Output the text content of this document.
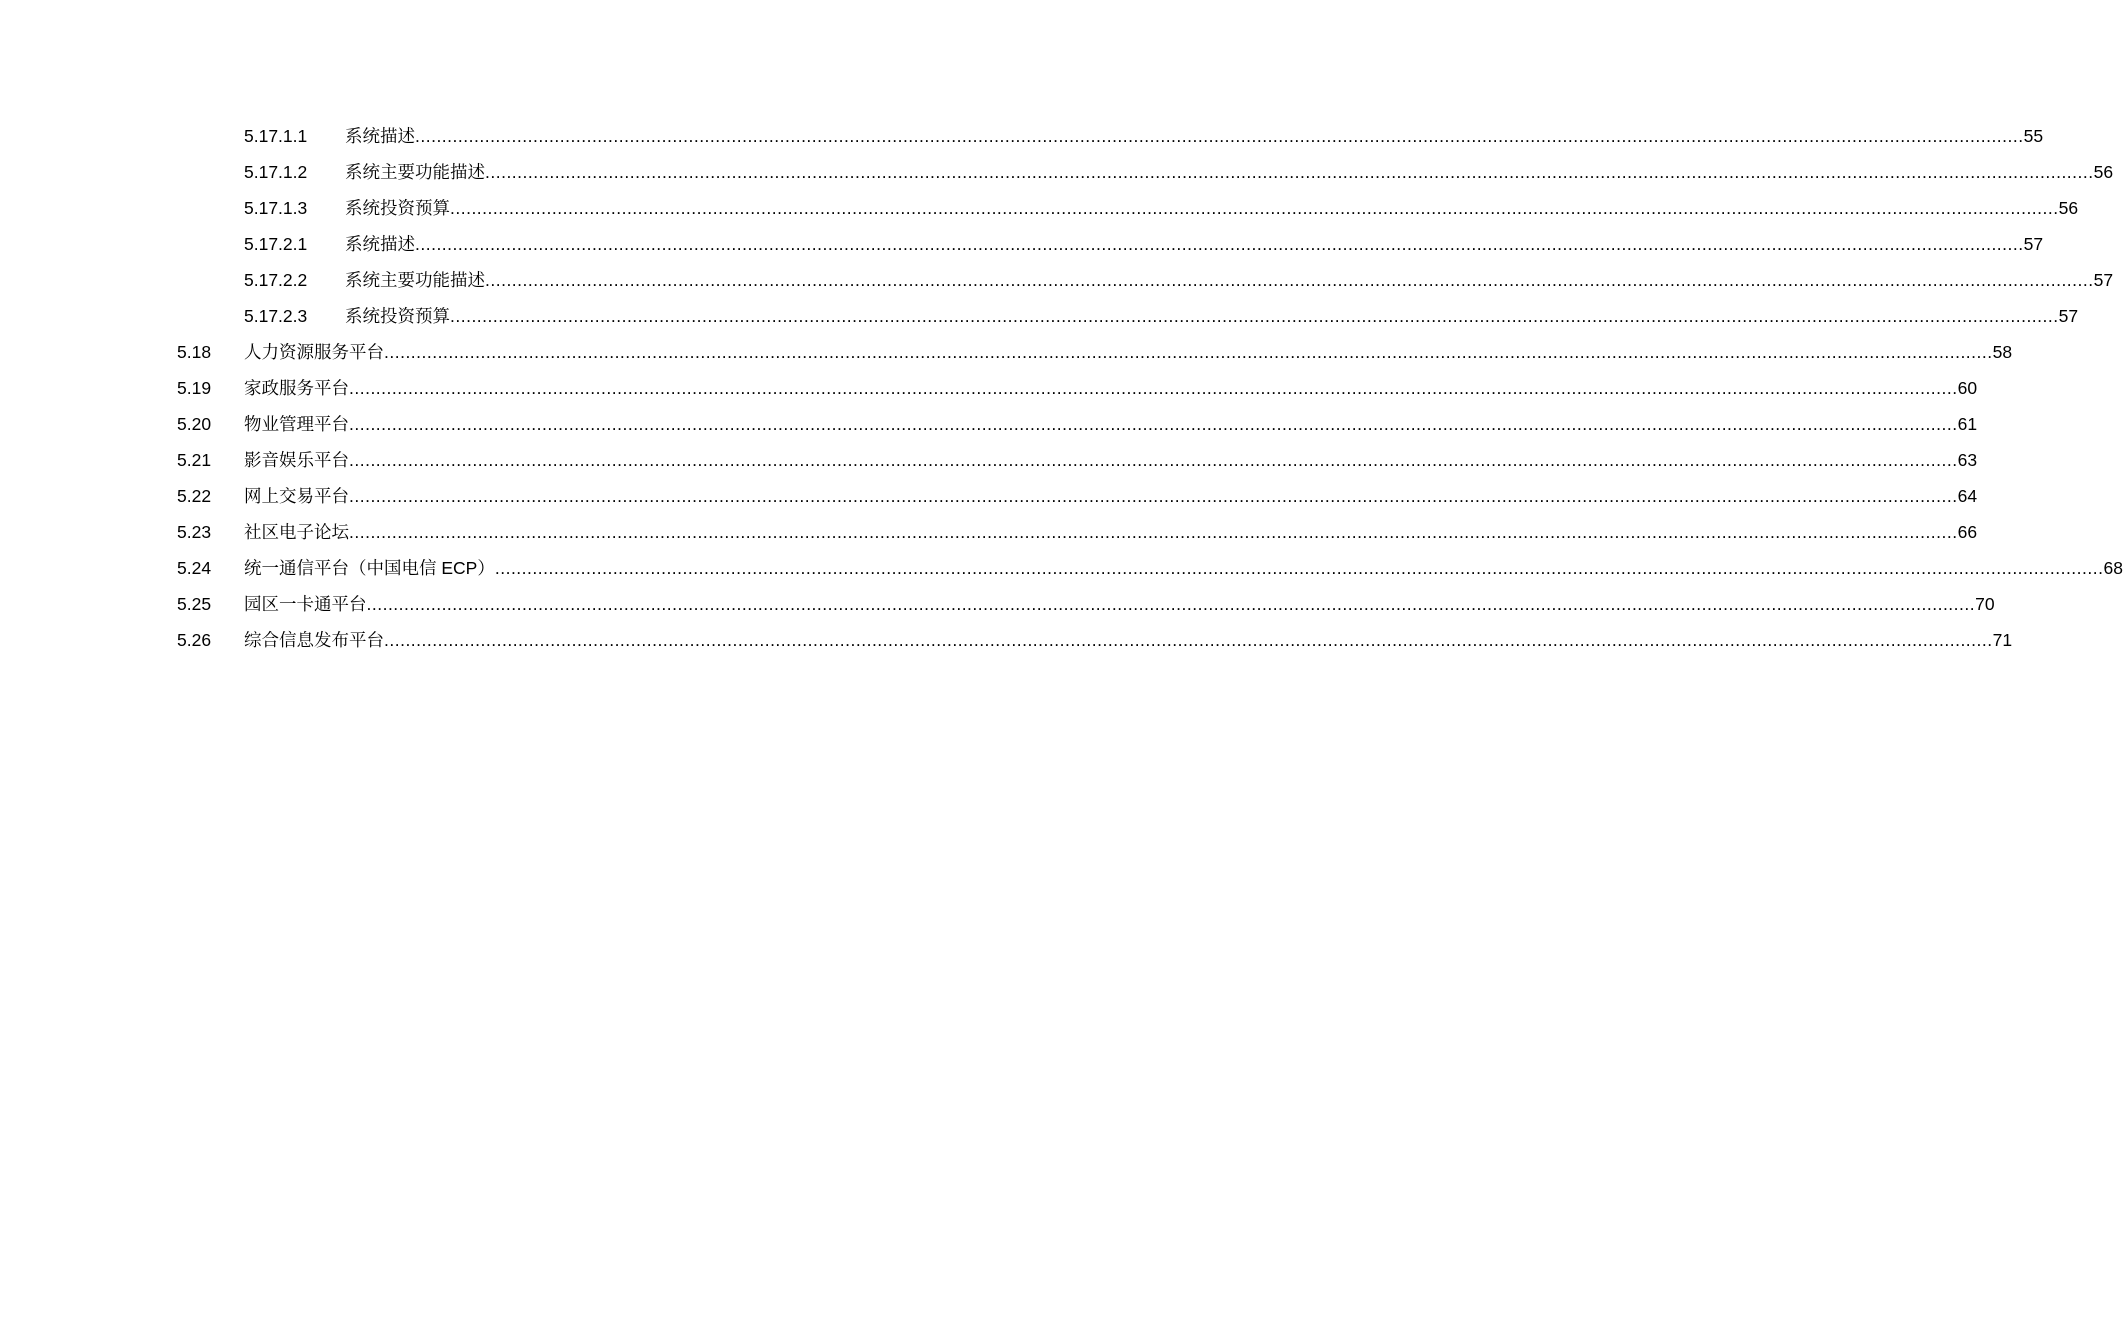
5.17.1.1 系统描述 ............................................................................................................................................................................................................................................................................................................ 55
5.17.1.2 系统主要功能描述 ............................................................................................................................................................................................................................................................................................................ 56
5.17.1.3 系统投资预算 ............................................................................................................................................................................................................................................................................................................ 56
5.17.2.1 系统描述 ............................................................................................................................................................................................................................................................................................................ 57
5.17.2.2 系统主要功能描述 ............................................................................................................................................................................................................................................................................................................ 57
5.17.2.3 系统投资预算 ............................................................................................................................................................................................................................................................................................................ 57
5.18 人力资源服务平台 ............................................................................................................................................................................................................................................................................................................ 58
5.19 家政服务平台 ............................................................................................................................................................................................................................................................................................................ 60
5.20 物业管理平台 ............................................................................................................................................................................................................................................................................................................ 61
5.21 影音娱乐平台 ............................................................................................................................................................................................................................................................................................................ 63
5.22 网上交易平台 ............................................................................................................................................................................................................................................................................................................ 64
5.23 社区电子论坛 ............................................................................................................................................................................................................................................................................................................ 66
5.24 统一通信平台（中国电信 ECP） ............................................................................................................................................................................................................................................................................................................ 68
5.25 园区一卡通平台 ............................................................................................................................................................................................................................................................................................................ 70
5.26 综合信息发布平台 ............................................................................................................................................................................................................................................................................................................ 71
